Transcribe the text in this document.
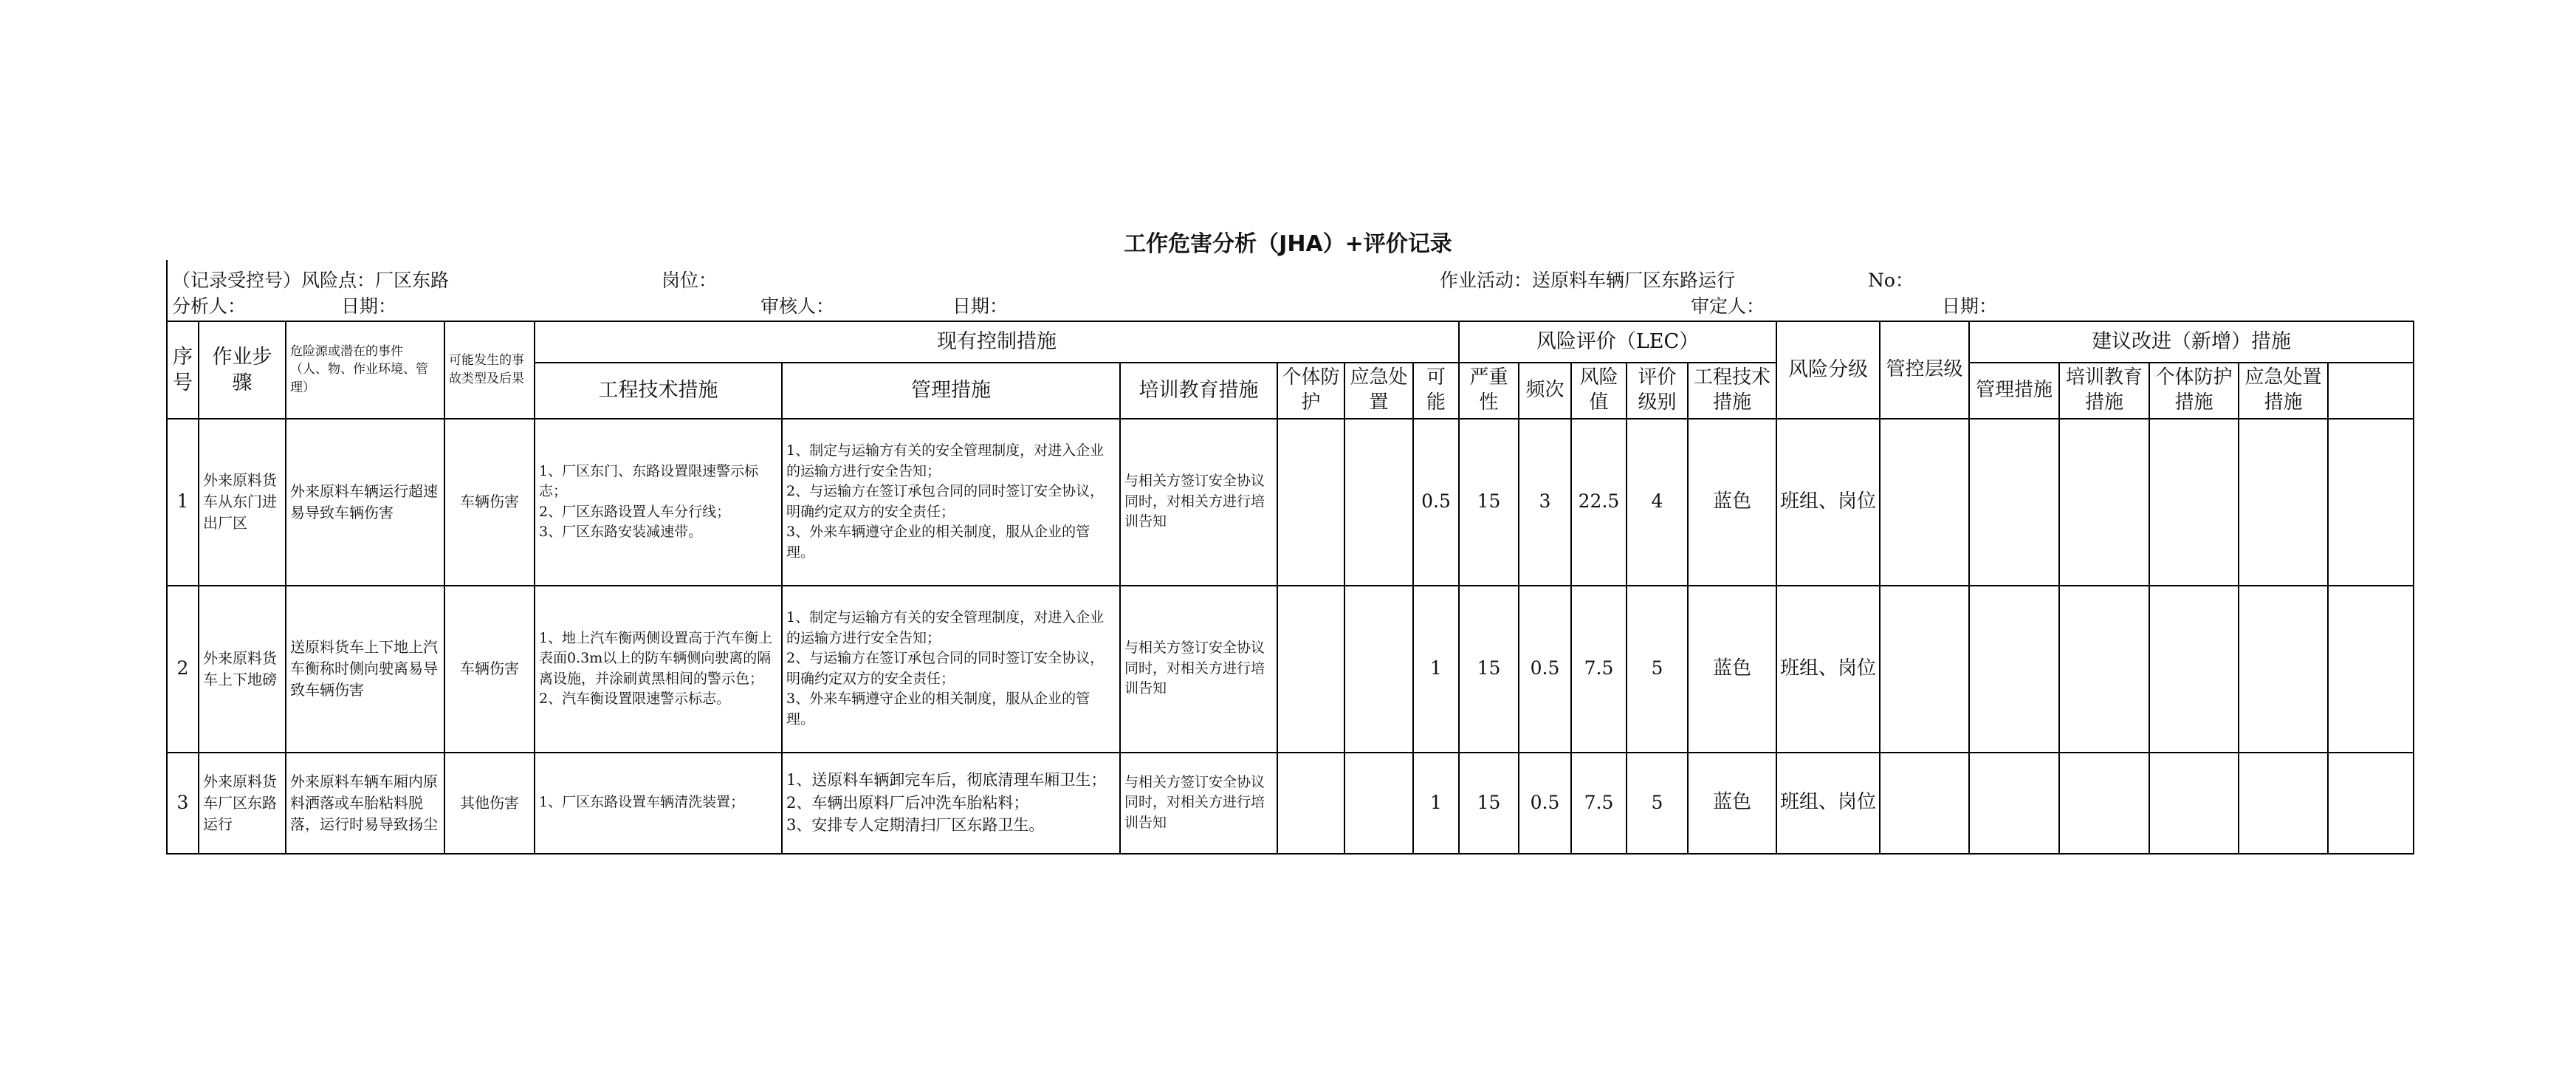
工作危害分析（JHA）+评价记录
（记录受控号）风险点：厂区东路	岗位：	作业活动：送原料车辆厂区东路运行	No：
分析人：	日期：	审核人：	日期：	审定人：	日期：
序号	作业步骤	危险源或潜在的事件（人、物、作业环境、管理）	可能发生的事故类型及后果	现有控制措施						风险评价（LEC）					风险分级	管控层级	建议改进（新增）措施	
				工程技术措施	管理措施	培训教育措施	个体防护	应急处置	可能	严重性	频次	风险值	评价级别	工程技术措施			管理措施	培训教育措施	个体防护措施	应急处置措施		
1	外来原料货车从东门进出厂区	外来原料车辆运行超速易导致车辆伤害	车辆伤害	1、厂区东门、东路设置限速警示标志；
2、厂区东路设置人车分行线；
3、厂区东路安装减速带。	1、制定与运输方有关的安全管理制度，对进入企业的运输方进行安全告知；
2、与运输方在签订承包合同的同时签订安全协议，明确约定双方的安全责任；
3、外来车辆遵守企业的相关制度，服从企业的管理。	与相关方签订安全协议同时，对相关方进行培训告知			0.5	15	3	22.5	4	蓝色	班组、岗位							
2	外来原料货车上下地磅	送原料货车上下地上汽车衡称时侧向驶离易导致车辆伤害	车辆伤害	1、地上汽车衡两侧设置高于汽车衡上表面0.3m以上的防车辆侧向驶离的隔离设施，并涂刷黄黑相间的警示色；
2、汽车衡设置限速警示标志。	1、制定与运输方有关的安全管理制度，对进入企业的运输方进行安全告知；
2、与运输方在签订承包合同的同时签订安全协议，明确约定双方的安全责任；
3、外来车辆遵守企业的相关制度，服从企业的管理。	与相关方签订安全协议同时，对相关方进行培训告知			1	15	0.5	7.5	5	蓝色	班组、岗位							
3	外来原料货车厂区东路运行	外来原料车辆车厢内原料洒落或车胎粘料脱落，运行时易导致扬尘	其他伤害	1、厂区东路设置车辆清洗装置；	1、送原料车辆卸完车后，彻底清理车厢卫生；
2、车辆出原料厂后冲洗车胎粘料；
3、安排专人定期清扫厂区东路卫生。	与相关方签订安全协议同时，对相关方进行培训告知			1	15	0.5	7.5	5	蓝色	班组、岗位							
